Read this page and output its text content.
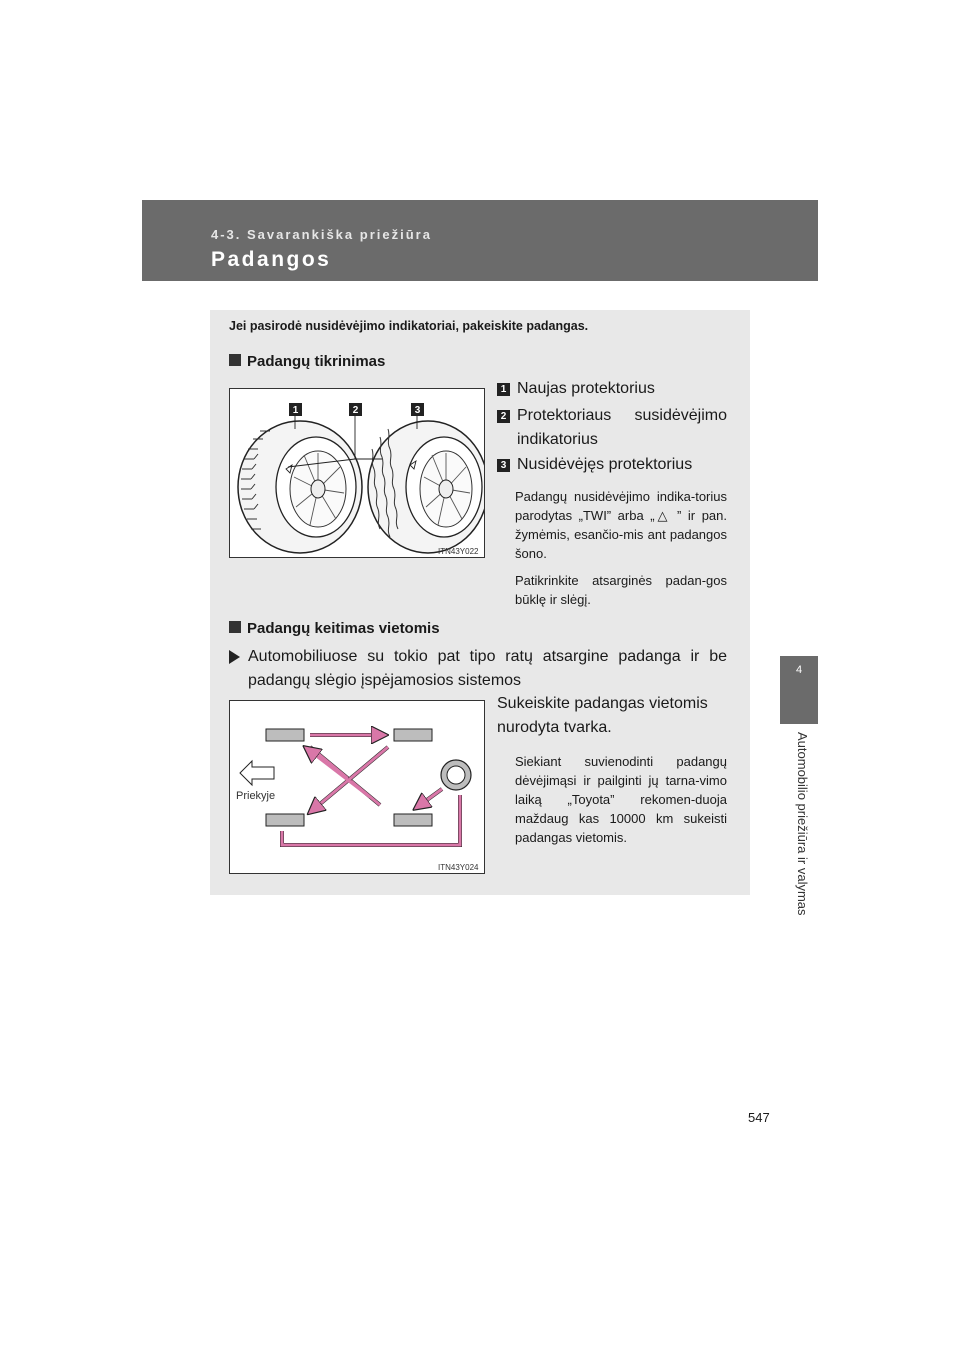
4-3. Savarankiška priežiūra
Padangos
4
Automobilio priežiūra ir valymas
Jei pasirodė nusidėvėjimo indikatoriai, pakeiskite padangas.
Padangų tikrinimas
1	2	3
ITN43Y022
1 Naujas protektorius
2 Protektoriaus susidėvėjimo indikatorius
3 Nusidėvėjęs protektorius
Padangų nusidėvėjimo indika-torius parodytas „TWI” arba „△ ” ir pan. žymėmis, esančio-mis ant padangos šono.
Patikrinkite atsarginės padan-gos būklę ir slėgį.
Padangų keitimas vietomis
Automobiliuose su tokio pat tipo ratų atsargine padanga ir be padangų slėgio įspėjamosios sistemos
Sukeiskite padangas vietomis nurodyta tvarka.
Siekiant suvienodinti padangų dėvėjimąsi ir pailginti jų tarna-vimo laiką „Toyota” rekomen-duoja maždaug kas 10000 km sukeisti padangas vietomis.
Priekyje
ITN43Y024
547
